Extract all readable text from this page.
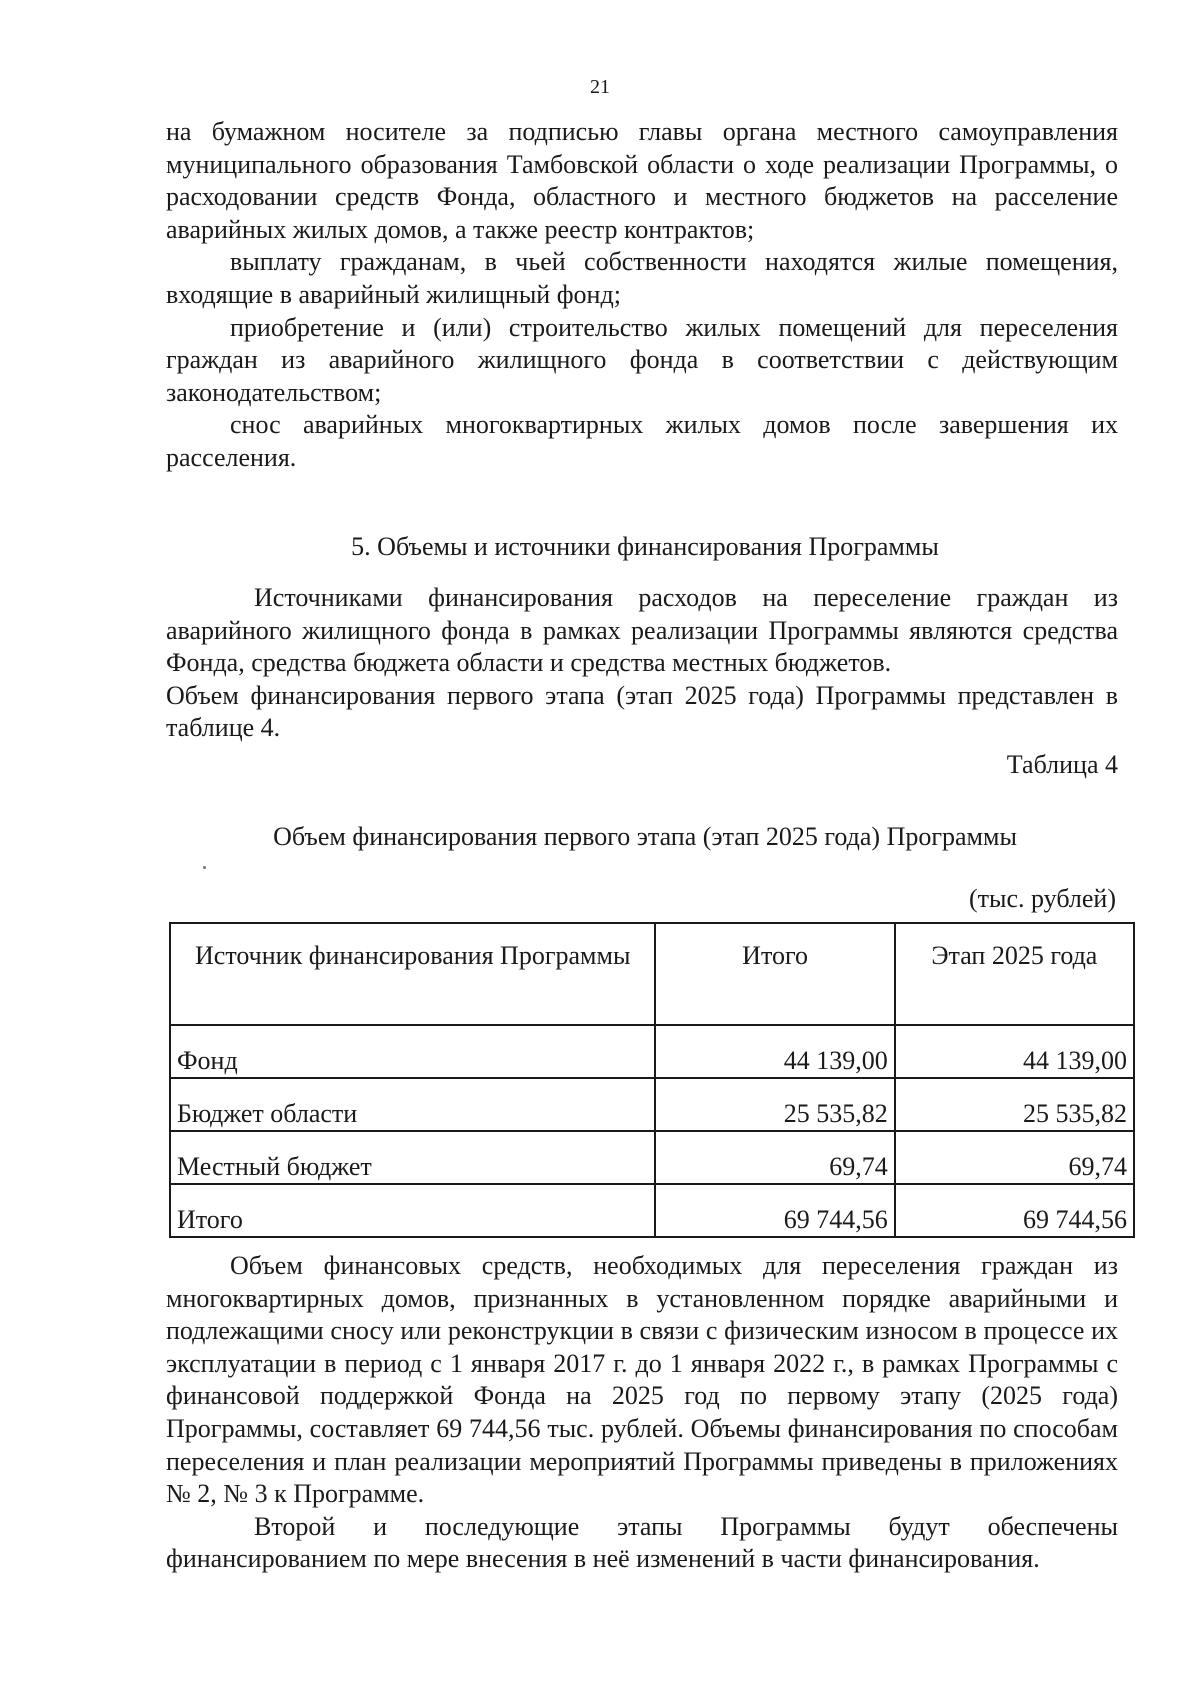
21

на бумажном носителе за подписью главы органа местного самоуправления муниципального образования Тамбовской области о ходе реализации Программы, о расходовании средств Фонда, областного и местного бюджетов на расселение аварийных жилых домов, а также реестр контрактов;

выплату гражданам, в чьей собственности находятся жилые помещения, входящие в аварийный жилищный фонд;

приобретение и (или) строительство жилых помещений для переселения граждан из аварийного жилищного фонда в соответствии с действующим законодательством;

снос аварийных многоквартирных жилых домов после завершения их расселения.

5. Объемы и источники финансирования Программы

Источниками финансирования расходов на переселение граждан из аварийного жилищного фонда в рамках реализации Программы являются средства Фонда, средства бюджета области и средства местных бюджетов.

Объем финансирования первого этапа (этап 2025 года) Программы представлен в таблице 4.

Таблица 4
Объем финансирования первого этапа (этап 2025 года) Программы
(тыс. рублей)
Источник финансирования Программы	Итого	Этап 2025 года
Фонд	44 139,00	44 139,00
Бюджет области	25 535,82	25 535,82
Местный бюджет	69,74	69,74
Итого	69 744,56	69 744,56

Объем финансовых средств, необходимых для переселения граждан из многоквартирных домов, признанных в установленном порядке аварийными и подлежащими сносу или реконструкции в связи с физическим износом в процессе их эксплуатации в период с 1 января 2017 г. до 1 января 2022 г., в рамках Программы с финансовой поддержкой Фонда на 2025 год по первому этапу (2025 года) Программы, составляет 69 744,56 тыс. рублей. Объемы финансирования по способам переселения и план реализации мероприятий Программы приведены в приложениях № 2, № 3 к Программе.

Второй и последующие этапы Программы будут обеспечены финансированием по мере внесения в неё изменений в части финансирования.
